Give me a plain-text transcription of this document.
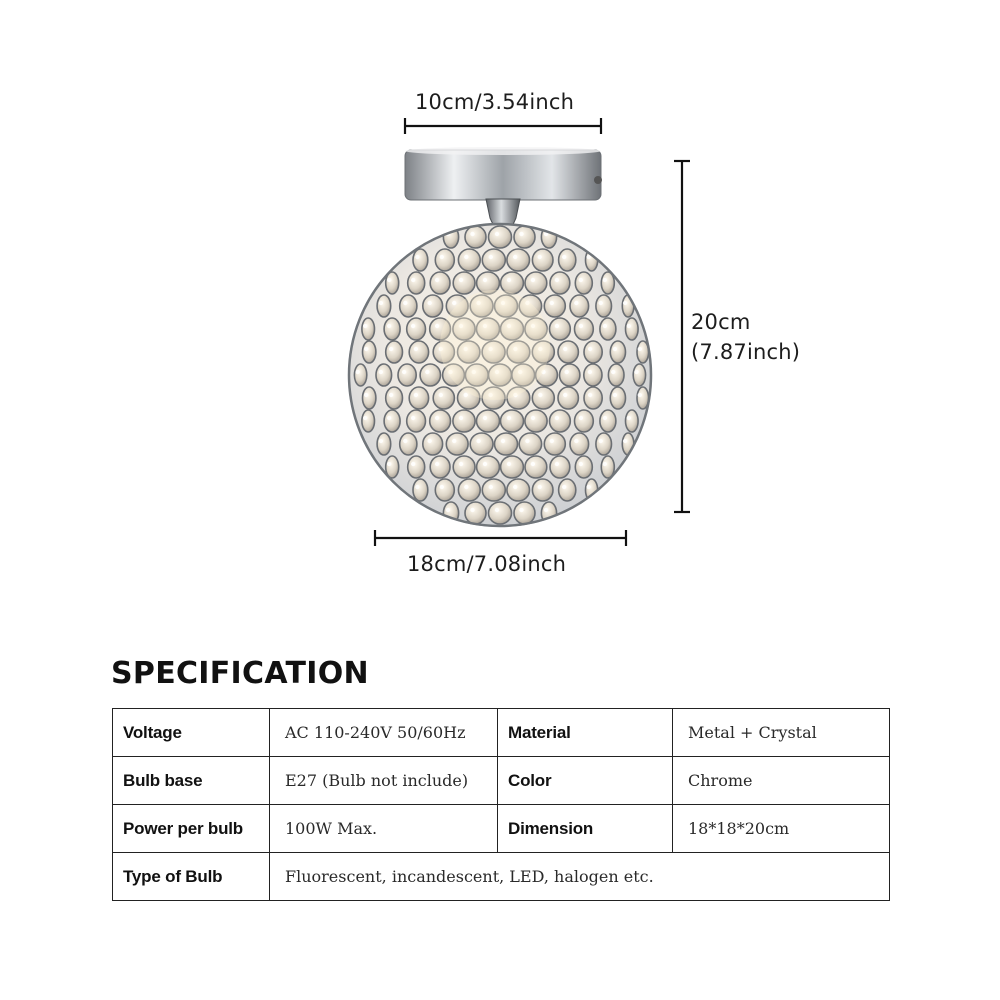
10cm/3.54inch
18cm/7.08inch
20cm
(7.87inch)
SPECIFICATION
Voltage	AC 110-240V 50/60Hz	Material	Metal + Crystal
Bulb base	E27 (Bulb not include)	Color	Chrome
Power per bulb	100W Max.	Dimension	18*18*20cm
Type of Bulb	Fluorescent, incandescent, LED, halogen etc.		
